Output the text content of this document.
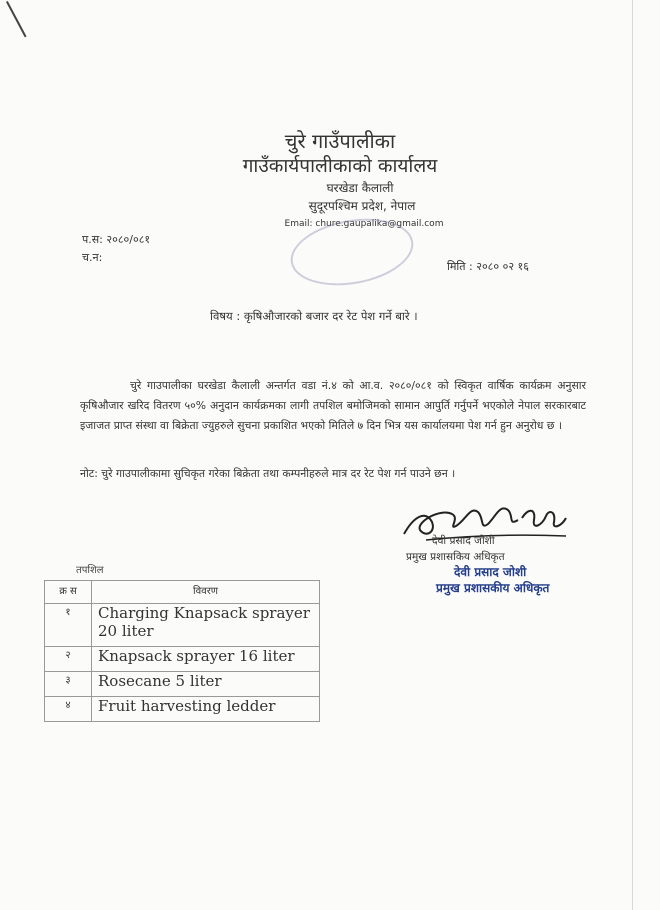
चुरे गाउँपालीका
गाउँकार्यपालीकाको कार्यालय
घरखेडा कैलाली
सुदूरपश्चिम प्रदेश, नेपाल
Email: chure.gaupalika@gmail.com
प.स: २०८०/०८१
च.न:
मिति : २०८० ०२ १६
विषय : कृषिऔजारको बजार दर रेट पेश गर्ने बारे ।
चुरे गाउपालीका घरखेडा कैलाली अन्तर्गत वडा नं.४ को आ.व. २०८०/०८१ को स्विकृत वार्षिक कार्यक्रम अनुसार कृषिऔजार खरिद वितरण ५०% अनुदान कार्यक्रमका लागी तपशिल बमोजिमको सामान आपुर्ति गर्नुपर्ने भएकोले नेपाल सरकारबाट इजाजत प्राप्त संस्था वा बिक्रेता ज्युहरुले सुचना प्रकाशित भएको मितिले ७ दिन भित्र यस कार्यालयमा पेश गर्न हुन अनुरोध छ ।
नोट: चुरे गाउपालीकामा सुचिकृत गरेका बिक्रेता तथा कम्पनीहरुले मात्र दर रेट पेश गर्न पाउने छन ।
देवी प्रसाद जोशी
प्रमुख प्रशासकिय अधिकृत
देवी प्रसाद जोशी
प्रमुख प्रशासकीय अधिकृत
तपशिल
क्र स	विवरण
१	Charging Knapsack sprayer 20 liter
२	Knapsack sprayer 16 liter
३	Rosecane 5 liter
४	Fruit harvesting ledder
